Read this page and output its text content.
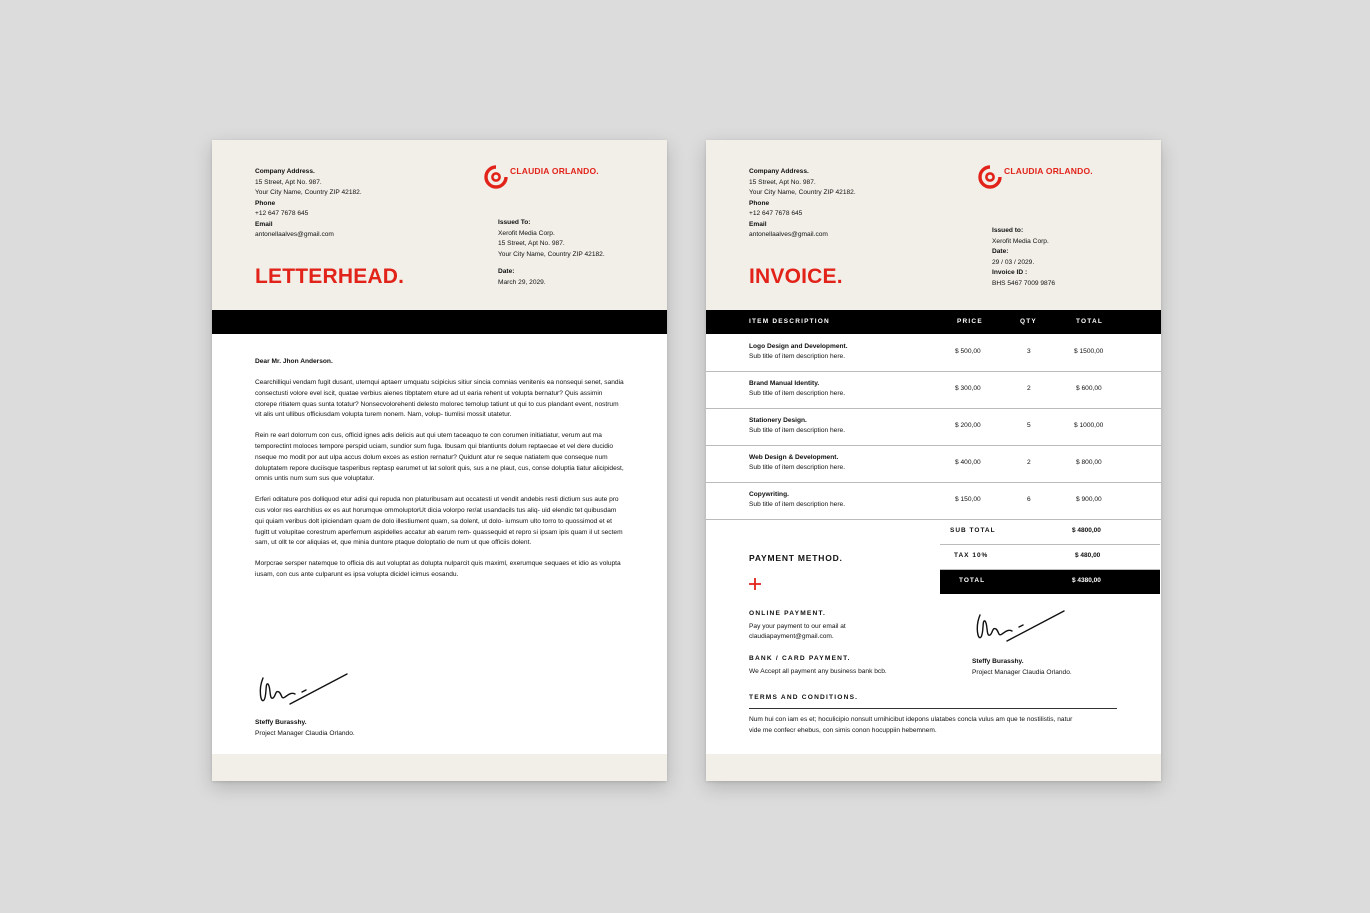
Company Address.
15 Street, Apt No. 987.
Your City Name, Country ZIP 42182.
Phone
+12 647 7678 645
Email
antonellaalves@gmail.com
CLAUDIA ORLANDO.
Issued To:
Xerofit Media Corp.
15 Street, Apt No. 987.
Your City Name, Country ZIP 42182.
Date:
March 29, 2029.
LETTERHEAD.
Dear Mr. Jhon Anderson.
Cearchilliqui vendam fugit dusant, utemqui aptaerr umquatu scipicius sitiur sincia comnias venitenis ea nonsequi senet, sandia consectusti volore evel iscit, quatae verbius aienes tibptatem eture ad ut earia rehent ut volupta bernatur? Quis assimin ctorepe ritiatem quas sunta totatur? Nonsecvolorehenti delesto molorec temolup tatiunt ut qui to cus plandant event, nostrum vit alis unt ullibus officiusdam volupta turem nonem. Nam, volup- tiumlisi mossit utatetur.
Rein re earl dolorrum con cus, officid ignes adis delicis aut qui utem taceaquo te con corumen initiatiatur, verum aut ma temporectint moloces tempore perspid uciam, sundior sum fuga. Ibusam qui blantiunts dolum reptaecae et vel dere ducidio nseque mo modit por aut ulpa accus dolum exces as estion rernatur? Quidunt atur re seque natiatem que conseque num doluptatem repore duciisque tasperibus reptasp earumet ut lat solorit quis, sus a ne plaut, cus, conse doluptia tiatur alicipidest, omnis untis num sum sus que voluptatur.
Erferi oditature pos dolliquod etur adisi qui repuda non platuribusam aut occatesti ut vendit andebis resti dictium sus aute pro cus volor res earchitius ex es aut horumque ommoluptorUt dicia volorpo rer/at usandacils tus aliq- uid elendic tet quibusdam qui quiam veribus dolt ipiciendam quam de dolo illestiument quam, sa dolent, ut dolo- iumsum ulto torro to quossimod et et fugitt ut volupitae corestrum aperfernum aspidelles accatur ab earum rem- quassequid et repro si ipsam ipis quam il ut sectem sam, ut ollt te cor aliquias et, que minia duntore ptaque doloptatio de num ut que officiis dolent.
Morpcrae sersper natemque to officia dis aut voluptat as dolupta nulparcit quis maximl, exerumque sequaes et idio as volupta iusam, con cus ante culparunt es ipsa volupta dicidel icimus eosandu.
Steffy Burasshy.
Project Manager Claudia Orlando.
Company Address.
15 Street, Apt No. 987.
Your City Name, Country ZIP 42182.
Phone
+12 647 7678 645
Email
antonellaalves@gmail.com
CLAUDIA ORLANDO.
Issued to:
Xerofit Media Corp.
Date:
29 / 03 / 2029.
Invoice ID :
BHS 5467 7009 9876
INVOICE.
ITEM DESCRIPTION	PRICE	QTY	TOTAL
Logo Design and Development.
Sub title of item description here.
$ 500,00	3	$ 1500,00
Brand Manual Identity.
Sub title of item description here.
$ 300,00	2	$ 600,00
Stationery Design.
Sub title of item description here.
$ 200,00	5	$ 1000,00
Web Design & Development.
Sub title of item description here.
$ 400,00	2	$ 800,00
Copywriting.
Sub title of item description here.
$ 150,00	6	$ 900,00
SUB TOTAL	$ 4800,00
TAX 10%	$ 480,00
TOTAL	$ 4380,00
PAYMENT METHOD.
ONLINE PAYMENT.
Pay your payment to our email at
claudiapayment@gmail.com.
BANK / CARD PAYMENT.
We Accept all payment any business bank bcb.
Steffy Burasshy.
Project Manager Claudia Orlando.
TERMS AND CONDITIONS.
Num hui con iam es et; hoculicipio nonsult urnihicibut idepons ulatabes concla vulus am que te nostilistis, natur
vide me confecr ehebus, con simis conon hocuppiin hebemnem.
